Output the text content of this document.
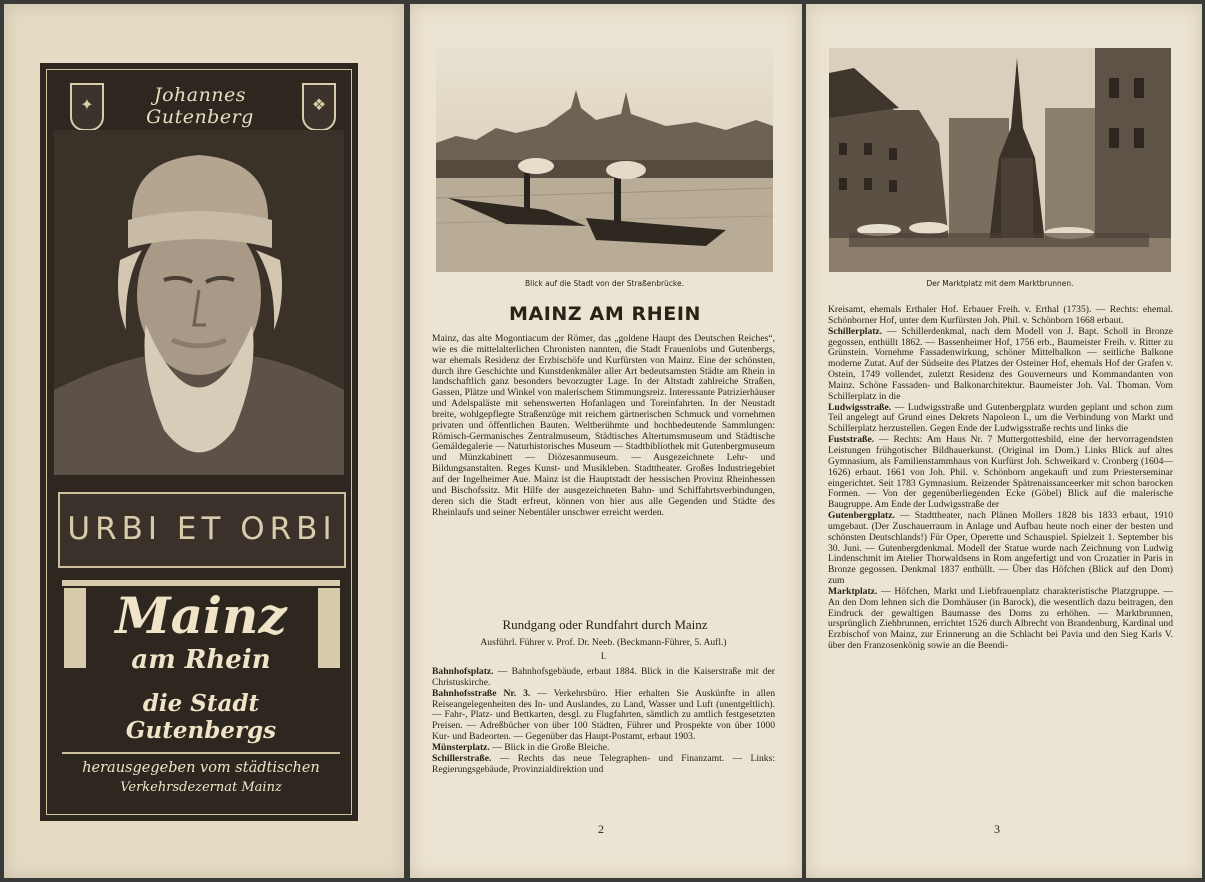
✦	❖
Johannes Gutenberg
URBI ET ORBI
Mainz
am Rhein
die Stadt Gutenbergs
herausgegeben vom städtischen
Verkehrsdezernat Mainz
Blick auf die Stadt von der Straßenbrücke.
MAINZ AM RHEIN
Mainz, das alte Mogontiacum der Römer, das „goldene Haupt des Deutschen Reiches“, wie es die mittelalterlichen Chronisten nannten, die Stadt Frauenlobs und Gutenbergs, war ehemals Residenz der Erzbischöfe und Kurfürsten von Mainz. Eine der schönsten, durch ihre Geschichte und Kunstdenkmäler aller Art bedeutsamsten Städte am Rhein in landschaftlich ganz besonders bevorzugter Lage. In der Altstadt zahlreiche Straßen, Gassen, Plätze und Winkel von malerischem Stimmungsreiz. Interessante Patrizierhäuser und Adelspaläste mit sehenswerten Hofanlagen und Toreinfahrten. In der Neustadt breite, wohlgepflegte Straßenzüge mit reichem gärtnerischen Schmuck und vornehmen privaten und öffentlichen Bauten. Weltberühmte und hochbedeutende Sammlungen: Römisch-Germanisches Zentralmuseum, Städtisches Altertumsmuseum und Städtische Gemäldegalerie — Naturhistorisches Museum — Stadtbibliothek mit Gutenbergmuseum und Münzkabinett — Diözesanmuseum. — Ausgezeichnete Lehr- und Bildungsanstalten. Reges Kunst- und Musikleben. Stadttheater. Großes Industriegebiet auf der Ingelheimer Aue. Mainz ist die Hauptstadt der hessischen Provinz Rheinhessen und Bischofssitz. Mit Hilfe der ausgezeichneten Bahn- und Schiffahrtsverbindungen, deren sich die Stadt erfreut, können von hier aus alle Gegenden und Städte des Rheinlaufs und seiner Nebentäler unschwer erreicht werden.
Rundgang oder Rundfahrt durch Mainz
Ausführl. Führer v. Prof. Dr. Neeb. (Beckmann-Führer, 5. Aufl.)
I.

Bahnhofsplatz. — Bahnhofsgebäude, erbaut 1884. Blick in die Kaiserstraße mit der Christuskirche.

Bahnhofsstraße Nr. 3. — Verkehrsbüro. Hier erhalten Sie Auskünfte in allen Reiseangelegenheiten des In- und Auslandes, zu Land, Wasser und Luft (unentgeltlich). — Fahr-, Platz- und Bettkarten, desgl. zu Flugfahrten, sämtlich zu amtlich festgesetzten Preisen. — Adreßbücher von über 100 Städten, Führer und Prospekte von über 1000 Kur- und Badeorten. — Gegenüber das Haupt-Postamt, erbaut 1903.

Münsterplatz. — Blick in die Große Bleiche.

Schillerstraße. — Rechts das neue Telegraphen- und Finanzamt. — Links: Regierungsgebäude, Provinzialdirektion und

2
Der Marktplatz mit dem Marktbrunnen.

Kreisamt, ehemals Erthaler Hof. Erbauer Freih. v. Erthal (1735). — Rechts: ehemal. Schönborner Hof, unter dem Kurfürsten Joh. Phil. v. Schönborn 1668 erbaut.

Schillerplatz. — Schillerdenkmal, nach dem Modell von J. Bapt. Scholl in Bronze gegossen, enthüllt 1862. — Bassenheimer Hof, 1756 erb., Baumeister Freih. v. Ritter zu Grünstein. Vornehme Fassadenwirkung, schöner Mittelbalkon — seitliche Balkone moderne Zutat. Auf der Südseite des Platzes der Osteiner Hof, ehemals Hof der Grafen v. Ostein, 1749 vollendet, zuletzt Residenz des Gouverneurs und Kommandanten von Mainz. Schöne Fassaden- und Balkonarchitektur. Baumeister Joh. Val. Thoman. Vom Schillerplatz in die

Ludwigsstraße. — Ludwigsstraße und Gutenbergplatz wurden geplant und schon zum Teil angelegt auf Grund eines Dekrets Napoleon I., um die Verbindung von Markt und Schillerplatz herzustellen. Gegen Ende der Ludwigsstraße rechts und links die

Fuststraße. — Rechts: Am Haus Nr. 7 Muttergottesbild, eine der hervorragendsten Leistungen frühgotischer Bildhauerkunst. (Original im Dom.) Links Blick auf altes Gymnasium, als Familienstammhaus von Kurfürst Joh. Schweikard v. Cronberg (1604—1626) erbaut. 1661 von Joh. Phil. v. Schönborn angekauft und zum Priesterseminar eingerichtet. Seit 1783 Gymnasium. Reizender Spätrenaissanceerker mit schon barocken Formen. — Von der gegenüberliegenden Ecke (Göbel) Blick auf die malerische Baugruppe. Am Ende der Ludwigsstraße der

Gutenbergplatz. — Stadttheater, nach Plänen Mollers 1828 bis 1833 erbaut, 1910 umgebaut. (Der Zuschauerraum in Anlage und Aufbau heute noch einer der besten und schönsten Deutschlands!) Für Oper, Operette und Schauspiel. Spielzeit 1. September bis 30. Juni. — Gutenbergdenkmal. Modell der Statue wurde nach Zeichnung von Ludwig Lindenschmit im Atelier Thorwaldsens in Rom angefertigt und von Crozatier in Paris in Bronze gegossen. Denkmal 1837 enthüllt. — Über das Höfchen (Blick auf den Dom) zum

Marktplatz. — Höfchen, Markt und Liebfrauenplatz charakteristische Platzgruppe. — An den Dom lehnen sich die Domhäuser (in Barock), die wesentlich dazu beitragen, den Eindruck der gewaltigen Baumasse des Doms zu erhöhen. — Marktbrunnen, ursprünglich Ziehbrunnen, errichtet 1526 durch Albrecht von Brandenburg, Kardinal und Erzbischof von Mainz, zur Erinnerung an die Schlacht bei Pavia und den Sieg Karls V. über den Franzosenkönig sowie an die Beendi-

3
